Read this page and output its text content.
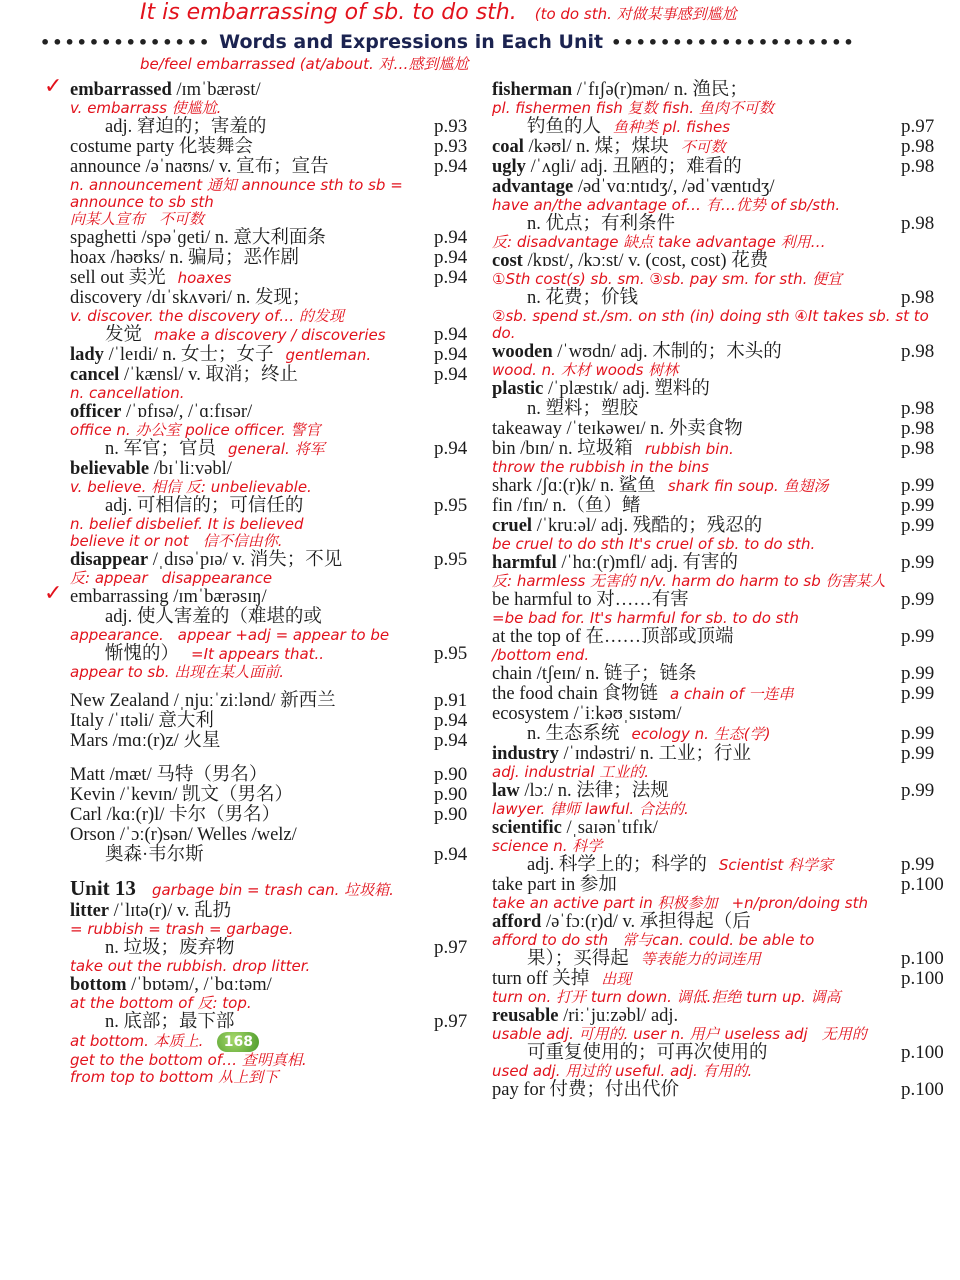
It is embarrassing of sb. to do sth. (to do sth. 对做某事感到尴尬
•••••••••••••• Words and Expressions in Each Unit ••••••••••••••••••••
be/feel embarrassed (at/about. 对…感到尴尬
✓ embarrassed /ɪmˈbærəst/
v. embarrass 使尴尬.
adj. 窘迫的；害羞的	p.93
costume party 化装舞会	p.93
announce /əˈnaʊns/ v. 宣布；宣告	p.94
n. announcement 通知 announce sth to sb = announce to sb sth
向某人宣布 不可数
spaghetti /spəˈɡeti/ n. 意大利面条	p.94
hoax /həʊks/ n. 骗局；恶作剧	p.94
sell out 卖光 hoaxes	p.94
discovery /dɪˈskʌvəri/ n. 发现；
v. discover. the discovery of… 的发现
发觉 make a discovery / discoveries	p.94
lady /ˈleɪdi/ n. 女士；女子 gentleman.	p.94
cancel /ˈkænsl/ v. 取消；终止	p.94
n. cancellation.
officer /ˈɒfɪsə/, /ˈɑːfɪsər/
office n. 办公室 police officer. 警官
n. 军官；官员 general. 将军	p.94
believable /bɪˈliːvəbl/
v. believe. 相信 反: unbelievable.
adj. 可相信的；可信任的	p.95
n. belief disbelief. It is believed
believe it or not 信不信由你.
disappear /ˌdɪsəˈpɪə/ v. 消失；不见	p.95
反: appear disappearance
✓ embarrassing /ɪmˈbærəsɪŋ/
adj. 使人害羞的（难堪的或
appearance. appear +adj = appear to be
惭愧的） =It appears that..	p.95
appear to sb. 出现在某人面前.
New Zealand /ˌnjuːˈziːlənd/ 新西兰	p.91
Italy /ˈɪtəli/ 意大利	p.94
Mars /mɑː(r)z/ 火星	p.94
Matt /mæt/ 马特（男名）	p.90
Kevin /ˈkevɪn/ 凯文（男名）	p.90
Carl /kɑː(r)l/ 卡尔（男名）	p.90
Orson /ˈɔː(r)sən/ Welles /welz/
奥森·韦尔斯	p.94
Unit 13 garbage bin = trash can. 垃圾箱.
litter /ˈlɪtə(r)/ v. 乱扔
= rubbish = trash = garbage.
n. 垃圾；废弃物	p.97
take out the rubbish. drop litter.
bottom /ˈbɒtəm/, /ˈbɑːtəm/
at the bottom of 反: top.
n. 底部；最下部	p.97
at bottom. 本质上.	168
get to the bottom of… 查明真相.
from top to bottom 从上到下
fisherman /ˈfɪʃə(r)mən/ n. 渔民；
pl. fishermen fish 复数 fish. 鱼肉不可数
钓鱼的人 鱼种类 pl. fishes	p.97
coal /kəʊl/ n. 煤；煤块 不可数	p.98
ugly /ˈʌɡli/ adj. 丑陋的；难看的	p.98
advantage /ədˈvɑːntɪdʒ/, /ədˈvæntɪdʒ/
have an/the advantage of… 有…优势 of sb/sth.
n. 优点；有利条件	p.98
反: disadvantage 缺点 take advantage 利用…
cost /kɒst/, /kɔːst/ v. (cost, cost) 花费
①Sth cost(s) sb. sm. ③sb. pay sm. for sth. 便宜
n. 花费；价钱	p.98
②sb. spend st./sm. on sth (in) doing sth ④It takes sb. st to do.
wooden /ˈwʊdn/ adj. 木制的；木头的	p.98
wood. n. 木材 woods 树林
plastic /ˈplæstɪk/ adj. 塑料的
n. 塑料；塑胶	p.98
takeaway /ˈteɪkəweɪ/ n. 外卖食物	p.98
bin /bɪn/ n. 垃圾箱 rubbish bin.	p.98
throw the rubbish in the bins
shark /ʃɑː(r)k/ n. 鲨鱼 shark fin soup. 鱼翅汤	p.99
fin /fɪn/ n.（鱼）鳍	p.99
cruel /ˈkruːəl/ adj. 残酷的；残忍的	p.99
be cruel to do sth It's cruel of sb. to do sth.
harmful /ˈhɑː(r)mfl/ adj. 有害的	p.99
反: harmless 无害的 n/v. harm do harm to sb 伤害某人
be harmful to 对……有害	p.99
=be bad for. It's harmful for sb. to do sth
at the top of 在……顶部或顶端	p.99
/bottom end.
chain /tʃeɪn/ n. 链子；链条	p.99
the food chain 食物链 a chain of 一连串	p.99
ecosystem /ˈiːkəʊˌsɪstəm/
n. 生态系统 ecology n. 生态(学)	p.99
industry /ˈɪndəstri/ n. 工业；行业	p.99
adj. industrial 工业的.
law /lɔː/ n. 法律；法规	p.99
lawyer. 律师 lawful. 合法的.
scientific /ˌsaɪənˈtɪfɪk/
science n. 科学
adj. 科学上的；科学的 Scientist 科学家	p.99
take part in 参加	p.100
take an active part in 积极参加 +n/pron/doing sth
afford /əˈfɔː(r)d/ v. 承担得起（后
afford to do sth 常与can. could. be able to
果）；买得起 等表能力的词连用	p.100
turn off 关掉 出现	p.100
turn on. 打开 turn down. 调低.拒绝 turn up. 调高
reusable /riːˈjuːzəbl/ adj.
usable adj. 可用的. user n. 用户 useless adj 无用的
可重复使用的；可再次使用的	p.100
used adj. 用过的 useful. adj. 有用的.
pay for 付费；付出代价	p.100
